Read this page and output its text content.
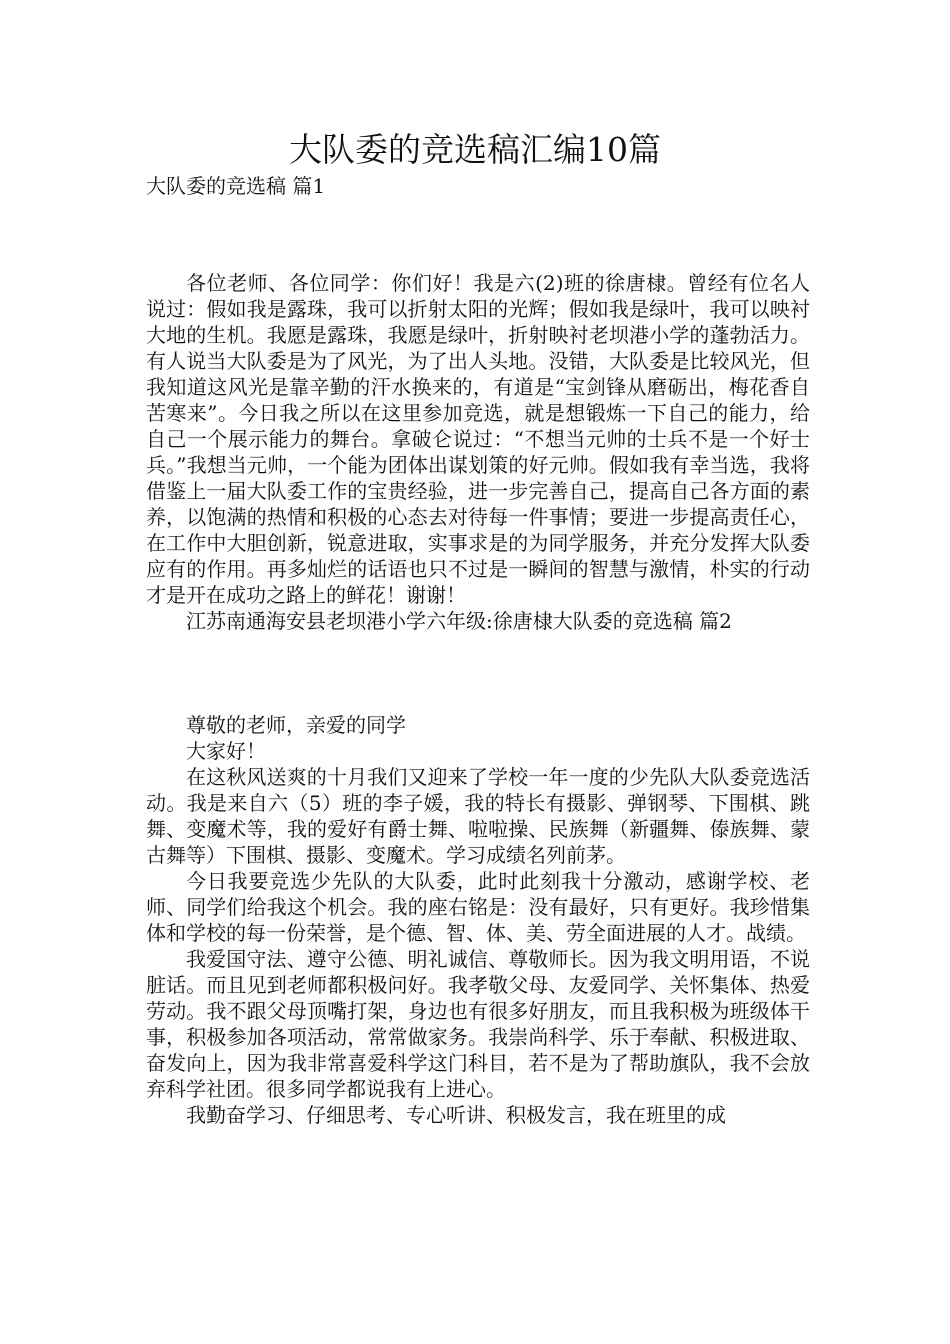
大队委的竞选稿汇编10篇
大队委的竞选稿 篇1

各位老师、各位同学：你们好！我是六(2)班的徐唐棣。曾经有位名人说过：假如我是露珠，我可以折射太阳的光辉；假如我是绿叶，我可以映衬大地的生机。我愿是露珠，我愿是绿叶，折射映衬老坝港小学的蓬勃活力。有人说当大队委是为了风光，为了出人头地。没错，大队委是比较风光，但我知道这风光是靠辛勤的汗水换来的，有道是“宝剑锋从磨砺出，梅花香自苦寒来”。今日我之所以在这里参加竞选，就是想锻炼一下自己的能力，给自己一个展示能力的舞台。拿破仑说过：“不想当元帅的士兵不是一个好士兵。”我想当元帅，一个能为团体出谋划策的好元帅。假如我有幸当选，我将借鉴上一届大队委工作的宝贵经验，进一步完善自己，提高自己各方面的素养，以饱满的热情和积极的心态去对待每一件事情；要进一步提高责任心，在工作中大胆创新，锐意进取，实事求是的为同学服务，并充分发挥大队委应有的作用。再多灿烂的话语也只不过是一瞬间的智慧与激情，朴实的行动才是开在成功之路上的鲜花！谢谢！

江苏南通海安县老坝港小学六年级:徐唐棣大队委的竞选稿 篇2

尊敬的老师，亲爱的同学

大家好！

在这秋风送爽的十月我们又迎来了学校一年一度的少先队大队委竞选活动。我是来自六（5）班的李子媛，我的特长有摄影、弹钢琴、下围棋、跳舞、变魔术等，我的爱好有爵士舞、啦啦操、民族舞（新疆舞、傣族舞、蒙古舞等）下围棋、摄影、变魔术。学习成绩名列前茅。

今日我要竞选少先队的大队委，此时此刻我十分激动，感谢学校、老师、同学们给我这个机会。我的座右铭是：没有最好，只有更好。我珍惜集体和学校的每一份荣誉，是个德、智、体、美、劳全面进展的人才。战绩。

我爱国守法、遵守公德、明礼诚信、尊敬师长。因为我文明用语，不说脏话。而且见到老师都积极问好。我孝敬父母、友爱同学、关怀集体、热爱劳动。我不跟父母顶嘴打架，身边也有很多好朋友，而且我积极为班级体干事，积极参加各项活动，常常做家务。我崇尚科学、乐于奉献、积极进取、奋发向上，因为我非常喜爱科学这门科目，若不是为了帮助旗队，我不会放弃科学社团。很多同学都说我有上进心。

我勤奋学习、仔细思考、专心听讲、积极发言，我在班里的成
